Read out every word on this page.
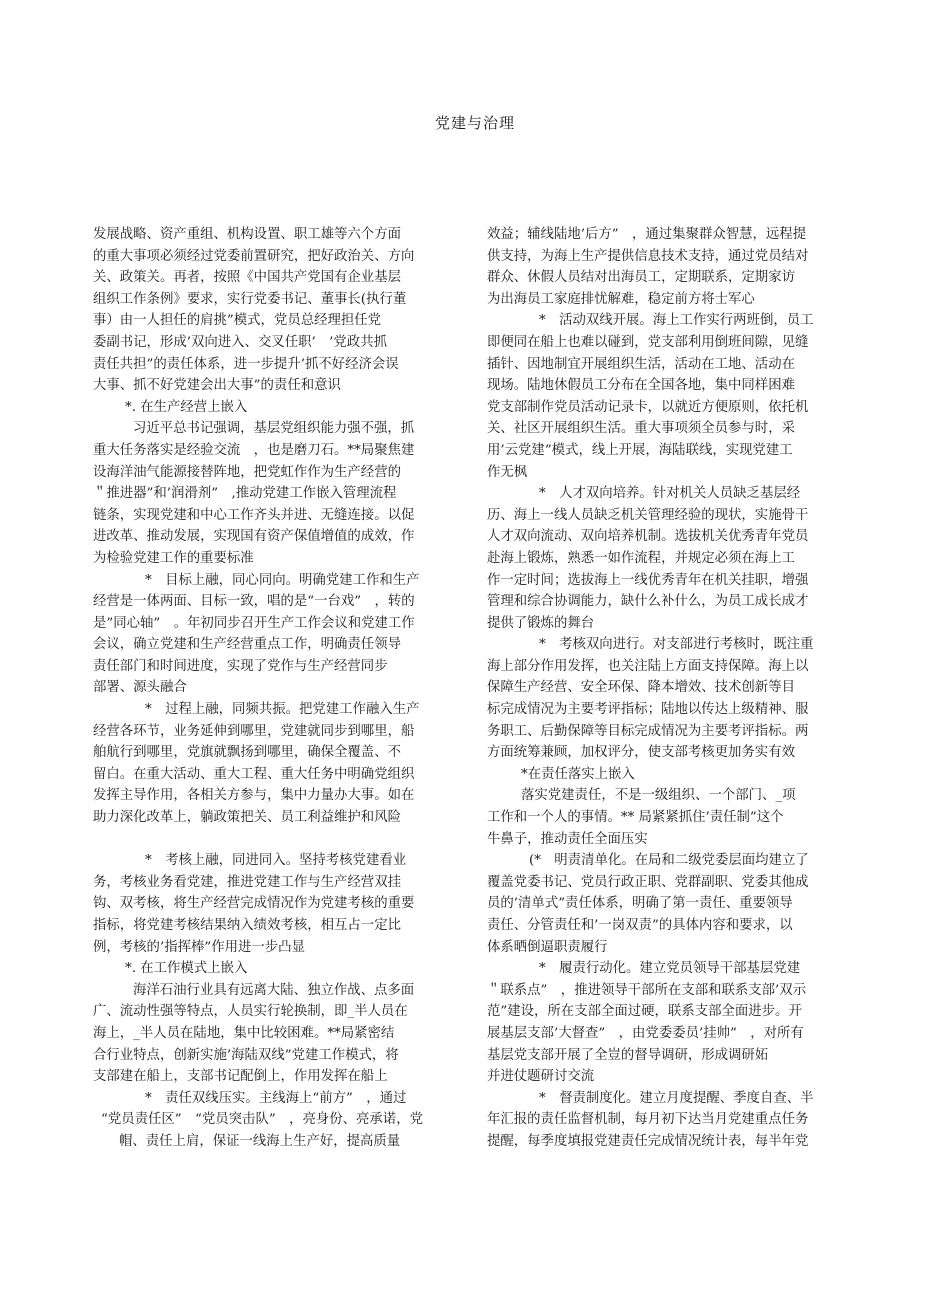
党建与治理
发展战略、资产重组、机构设置、职工雄等六个方面
的重大事项必须经过党委前置研究，把好政治关、方向
关、政策关。再者，按照《中国共产党国有企业基层
组织工作条例》要求，实行党委书记、董事长(执行董
事）由一人担任的肩挑”模式，党员总经理担任党
委副书记，形成’双向进入、交叉任职’　’党政共抓
责任共担”的责任体系，进一步提升’抓不好经济会误
大事、抓不好党建会出大事”的责任和意识
*. 在生产经营上嵌入
习近平总书记强调，基层党组织能力强不强，抓
重大任务落实是经验交流　，也是磨刀石。**局聚焦建
设海洋油气能源接替阵地，把党虹作作为生产经营的
＂推进器”和’润滑剂”　,推动党建工作嵌入管理流程
链条，实现党建和中心工作齐头并进、无缝连接。以促
进改革、推动发展，实现国有资产保值增值的成效，作
为检验党建工作的重要标准
*　目标上融，同心同向。明确党建工作和生产
经营是一体两面、目标一致，唱的是“一台戏”　，转的
是”同心轴”　。年初同步召开生产工作会议和党建工作
会议，确立党建和生产经营重点工作，明确责任领导
责任部门和时间进度，实现了党作与生产经营同步
部署、源头融合
*　过程上融，同频共振。把党建工作融入生产
经营各环节，业务延伸到哪里，党建就同步到哪里，船
舶航行到哪里，党旗就飘扬到哪里，确保全覆盖、不
留白。在重大活动、重大工程、重大任务中明确党组织
发挥主导作用，各相关方参与，集中力量办大事。如在
助力深化改革上，躺政策把关、员工利益维护和风险
*　考核上融，同进同入。坚持考核党建看业
务，考核业务看党建，推进党建工作与生产经营双挂
钩、双考核，将生产经营完成情况作为党建考核的重要
指标，将党建考核结果纳入绩效考核，相互占一定比
例，考核的’指挥棒”作用进一步凸显
*. 在工作模式上嵌入
海洋石油行业具有远离大陆、独立作战、点多面
广、流动性强等特点，人员实行轮换制，即_半人员在
海上，_半人员在陆地，集中比较困难。**局紧密结
合行业特点，创新实施’海陆双线”党建工作模式，将
支部建在船上，支部书记配倒上，作用发挥在船上
*　责任双线压实。主线海上“前方”　，通过
“党员责任区”　“党员突击队”　，亮身份、亮承诺，党
帽、责任上肩，保证一线海上生产好，提高质量
效益；辅线陆地’后方”　，通过集聚群众智慧，远程提
供支持，为海上生产提供信息技术支持，通过党员结对
群众、休假人员结对出海员工，定期联系，定期家访
为出海员工家庭排忧解难，稳定前方将士军心
*　活动双线开展。海上工作实行两班倒，员工
即便同在船上也难以碰到，党支部利用倒班间隙，见缝
插针、因地制宜开展组织生活，活动在工地、活动在
现场。陆地休假员工分布在全国各地，集中同样困难
党支部制作党员活动记录卡，以就近方便原则，依托机
关、社区开展组织生活。重大事项须全员参与时，采
用’云党建”模式，线上开展，海陆联线，实现党建工
作无枫
*　人才双向培养。针对机关人员缺乏基层经
历、海上一线人员缺乏机关管理经验的现状，实施骨干
人才双向流动、双向培养机制。选拔机关优秀青年党员
赴海上锻炼，熟悉一如作流程，并规定必须在海上工
作一定时间；选拔海上一线优秀青年在机关挂职，增强
管理和综合协调能力，缺什么补什么，为员工成长成才
提供了锻炼的舞台
*　考核双向进行。对支部进行考核时，既注重
海上部分作用发挥，也关注陆上方面支持保障。海上以
保障生产经营、安全环保、降本增效、技术创新等目
标完成情况为主要考评指标；陆地以传达上级精神、服
务职工、后勤保障等目标完成情况为主要考评指标。两
方面统筹兼顾，加权评分，使支部考核更加务实有效
*在责任落实上嵌入
落实党建责任，不是一级组织、一个部门、_项
工作和一个人的事情。** 局紧紧抓住’责任制”这个
牛鼻子，推动责任全面压实
(*　明责清单化。在局和二级党委层面均建立了
覆盖党委书记、党员行政正职、党群副职、党委其他成
员的’清单式”责任体系，明确了第一责任、重要领导
责任、分管责任和’一岗双责”的具体内容和要求，以
体系晒倒逼职责履行
*　履责行动化。建立党员领导干部基层党建
＂联系点”　，推进领导干部所在支部和联系支部’双示
范”建设，所在支部全面过硬，联系支部全面进步。开
展基层支部’大督查”　，由党委委员’挂帅”　，对所有
基层党支部开展了全豈的督导调研，形成调研妬
并进仗题研讨交流
*　督责制度化。建立月度提醒、季度自查、半
年汇报的责任监督机制，每月初下达当月党建重点任务
提醒，每季度填报党建责任完成情况统计表，每半年党
